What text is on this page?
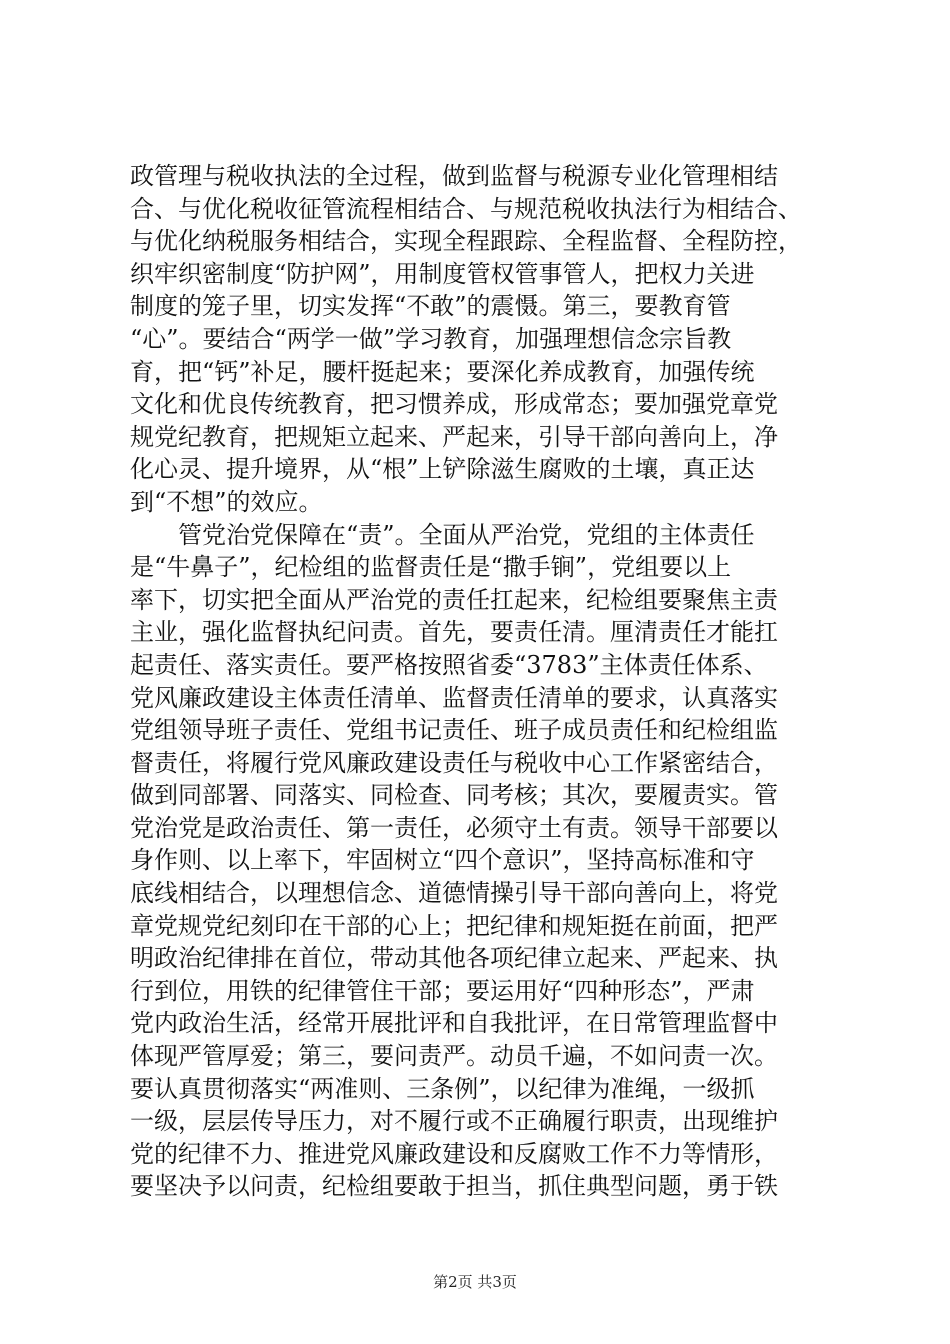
政管理与税收执法的全过程，做到监督与税源专业化管理相结
合、与优化税收征管流程相结合、与规范税收执法行为相结合、
与优化纳税服务相结合，实现全程跟踪、全程监督、全程防控，
织牢织密制度“防护网”，用制度管权管事管人，把权力关进
制度的笼子里，切实发挥“不敢”的震慑。第三，要教育管
“心”。要结合“两学一做”学习教育，加强理想信念宗旨教
育，把“钙”补足，腰杆挺起来；要深化养成教育，加强传统
文化和优良传统教育，把习惯养成，形成常态；要加强党章党
规党纪教育，把规矩立起来、严起来，引导干部向善向上，净
化心灵、提升境界，从“根”上铲除滋生腐败的土壤，真正达
到“不想”的效应。
　　管党治党保障在“责”。全面从严治党，党组的主体责任
是“牛鼻子”，纪检组的监督责任是“撒手锏”，党组要以上
率下，切实把全面从严治党的责任扛起来，纪检组要聚焦主责
主业，强化监督执纪问责。首先，要责任清。厘清责任才能扛
起责任、落实责任。要严格按照省委“3783”主体责任体系、
党风廉政建设主体责任清单、监督责任清单的要求，认真落实
党组领导班子责任、党组书记责任、班子成员责任和纪检组监
督责任，将履行党风廉政建设责任与税收中心工作紧密结合，
做到同部署、同落实、同检查、同考核；其次，要履责实。管
党治党是政治责任、第一责任，必须守土有责。领导干部要以
身作则、以上率下，牢固树立“四个意识”，坚持高标准和守
底线相结合，以理想信念、道德情操引导干部向善向上，将党
章党规党纪刻印在干部的心上；把纪律和规矩挺在前面，把严
明政治纪律排在首位，带动其他各项纪律立起来、严起来、执
行到位，用铁的纪律管住干部；要运用好“四种形态”，严肃
党内政治生活，经常开展批评和自我批评，在日常管理监督中
体现严管厚爱；第三，要问责严。动员千遍，不如问责一次。
要认真贯彻落实“两准则、三条例”，以纪律为准绳，一级抓
一级，层层传导压力，对不履行或不正确履行职责，出现维护
党的纪律不力、推进党风廉政建设和反腐败工作不力等情形，
要坚决予以问责，纪检组要敢于担当，抓住典型问题，勇于铁
第2页 共3页
